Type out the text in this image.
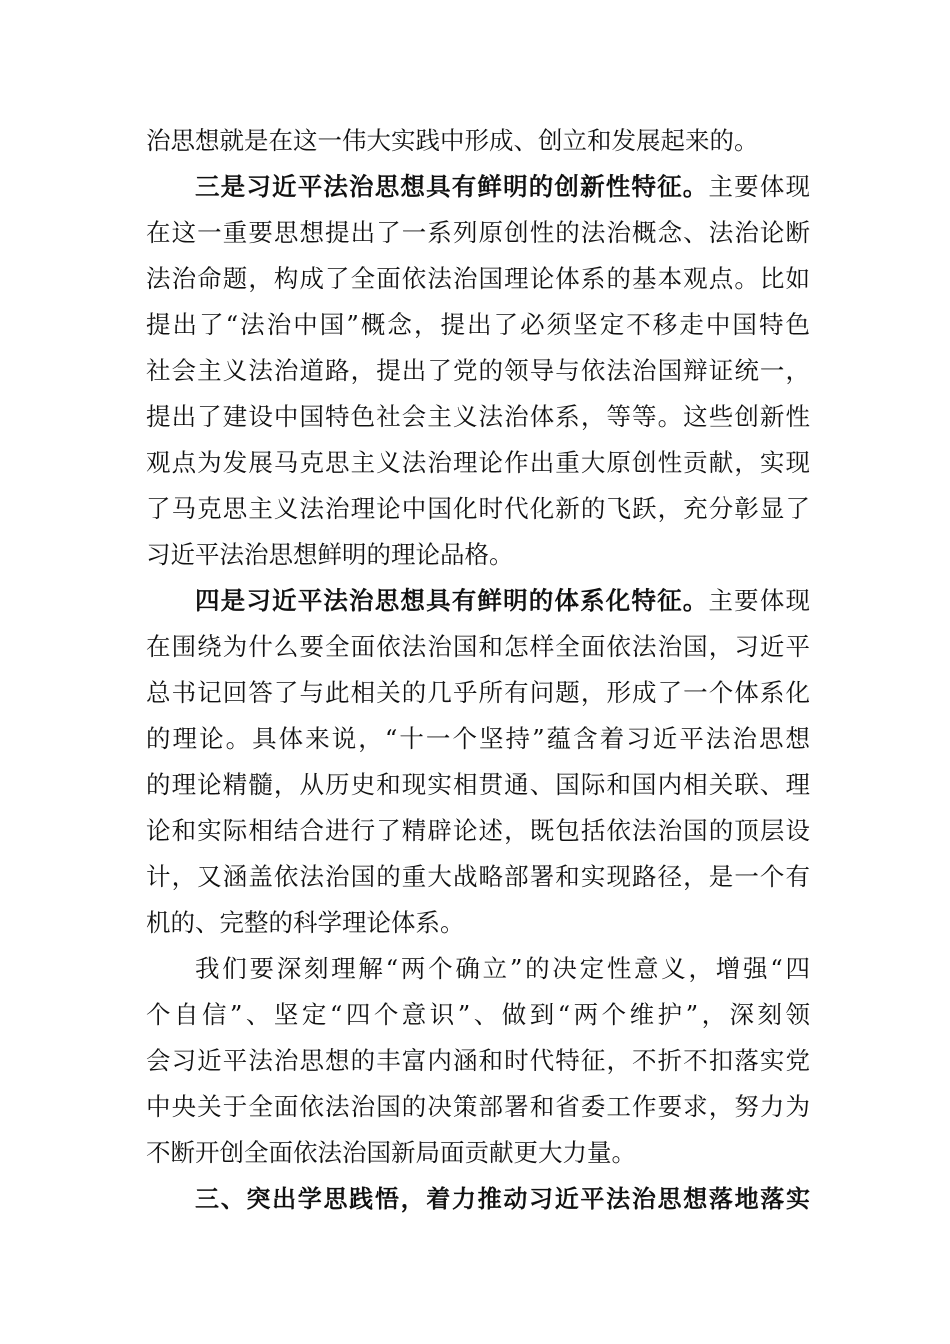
治思想就是在这一伟大实践中形成、创立和发展起来的。
三是习近平法治思想具有鲜明的创新性特征。主要体现
在这一重要思想提出了一系列原创性的法治概念、法治论断
法治命题，构成了全面依法治国理论体系的基本观点。比如
提出了“法治中国”概念，提出了必须坚定不移走中国特色
社会主义法治道路，提出了党的领导与依法治国辩证统一，
提出了建设中国特色社会主义法治体系，等等。这些创新性
观点为发展马克思主义法治理论作出重大原创性贡献，实现
了马克思主义法治理论中国化时代化新的飞跃，充分彰显了
习近平法治思想鲜明的理论品格。
四是习近平法治思想具有鲜明的体系化特征。主要体现
在围绕为什么要全面依法治国和怎样全面依法治国，习近平
总书记回答了与此相关的几乎所有问题，形成了一个体系化
的理论。具体来说，“十一个坚持”蕴含着习近平法治思想
的理论精髓，从历史和现实相贯通、国际和国内相关联、理
论和实际相结合进行了精辟论述，既包括依法治国的顶层设
计，又涵盖依法治国的重大战略部署和实现路径，是一个有
机的、完整的科学理论体系。
我们要深刻理解“两个确立”的决定性意义，增强“四
个自信”、坚定“四个意识”、做到“两个维护”，深刻领
会习近平法治思想的丰富内涵和时代特征，不折不扣落实党
中央关于全面依法治国的决策部署和省委工作要求，努力为
不断开创全面依法治国新局面贡献更大力量。
三、突出学思践悟，着力推动习近平法治思想落地落实
